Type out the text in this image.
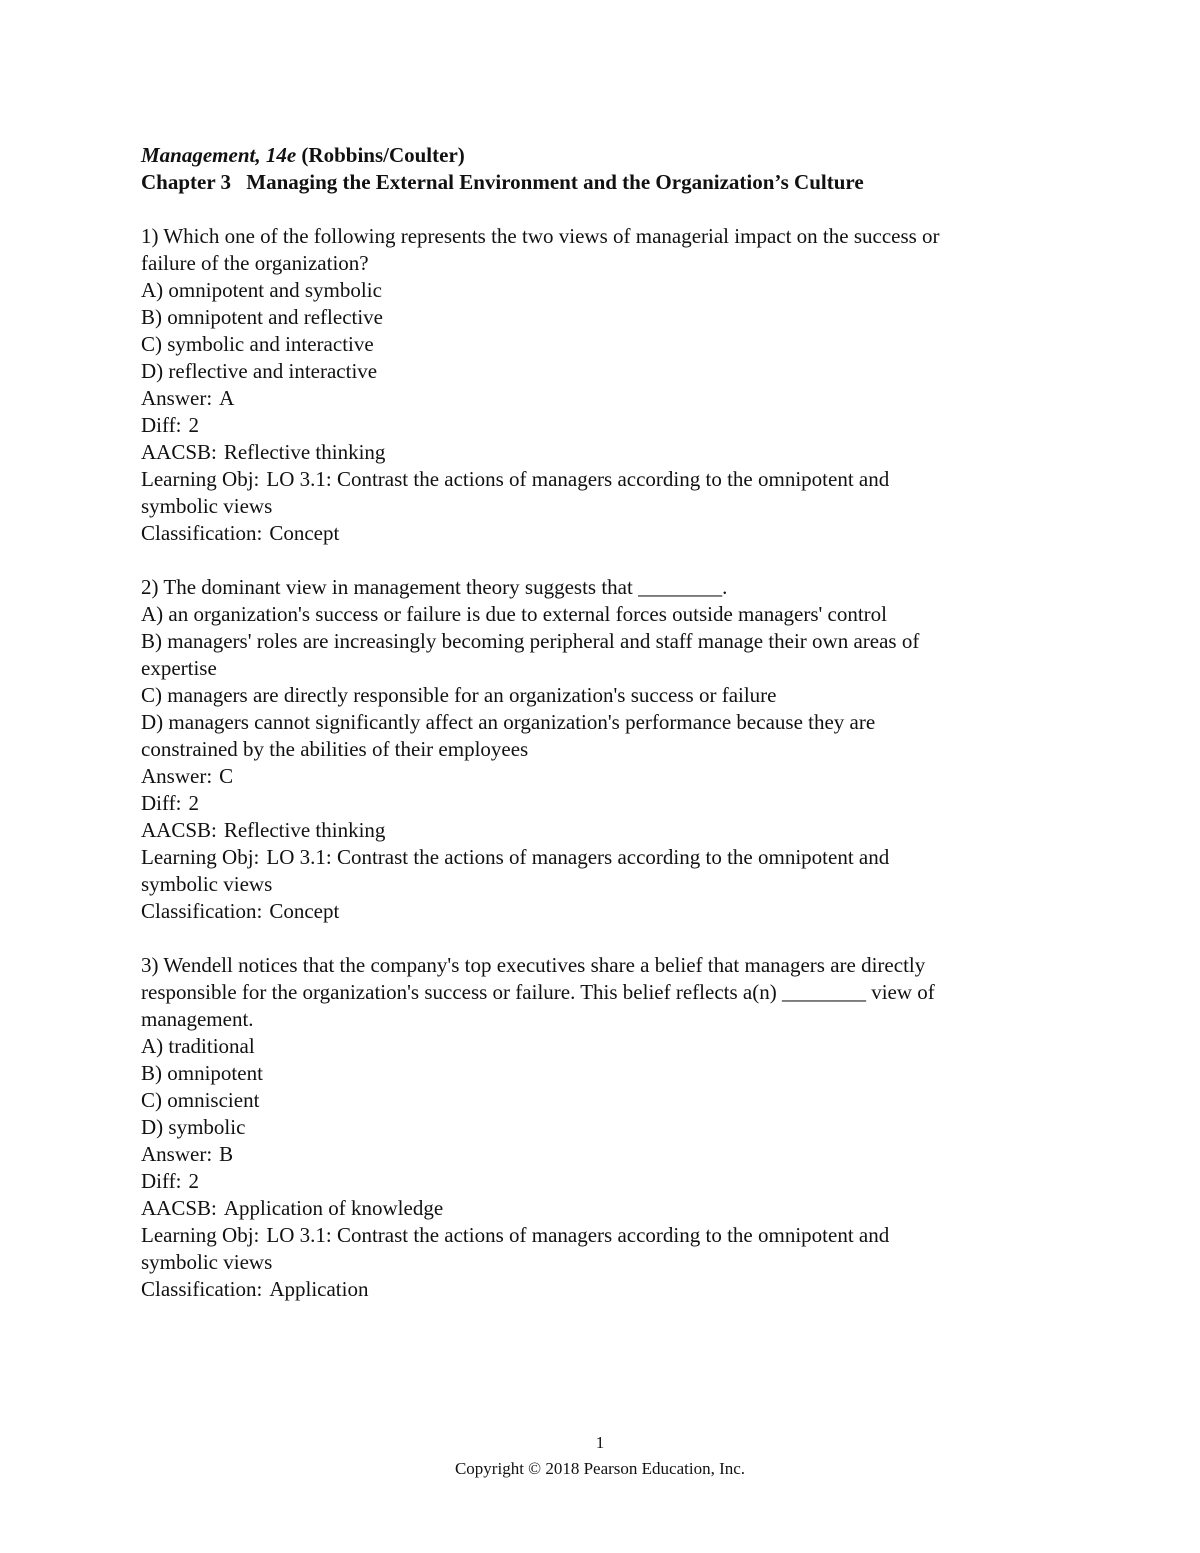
Management, 14e (Robbins/Coulter)
Chapter 3 Managing the External Environment and the Organization’s Culture
1) Which one of the following represents the two views of managerial impact on the success or
failure of the organization?
A) omnipotent and symbolic
B) omnipotent and reflective
C) symbolic and interactive
D) reflective and interactive
Answer: A
Diff: 2
AACSB: Reflective thinking
Learning Obj: LO 3.1: Contrast the actions of managers according to the omnipotent and
symbolic views
Classification: Concept
2) The dominant view in management theory suggests that ________.
A) an organization's success or failure is due to external forces outside managers' control
B) managers' roles are increasingly becoming peripheral and staff manage their own areas of
expertise
C) managers are directly responsible for an organization's success or failure
D) managers cannot significantly affect an organization's performance because they are
constrained by the abilities of their employees
Answer: C
Diff: 2
AACSB: Reflective thinking
Learning Obj: LO 3.1: Contrast the actions of managers according to the omnipotent and
symbolic views
Classification: Concept
3) Wendell notices that the company's top executives share a belief that managers are directly
responsible for the organization's success or failure. This belief reflects a(n) ________ view of
management.
A) traditional
B) omnipotent
C) omniscient
D) symbolic
Answer: B
Diff: 2
AACSB: Application of knowledge
Learning Obj: LO 3.1: Contrast the actions of managers according to the omnipotent and
symbolic views
Classification: Application
1
Copyright © 2018 Pearson Education, Inc.
